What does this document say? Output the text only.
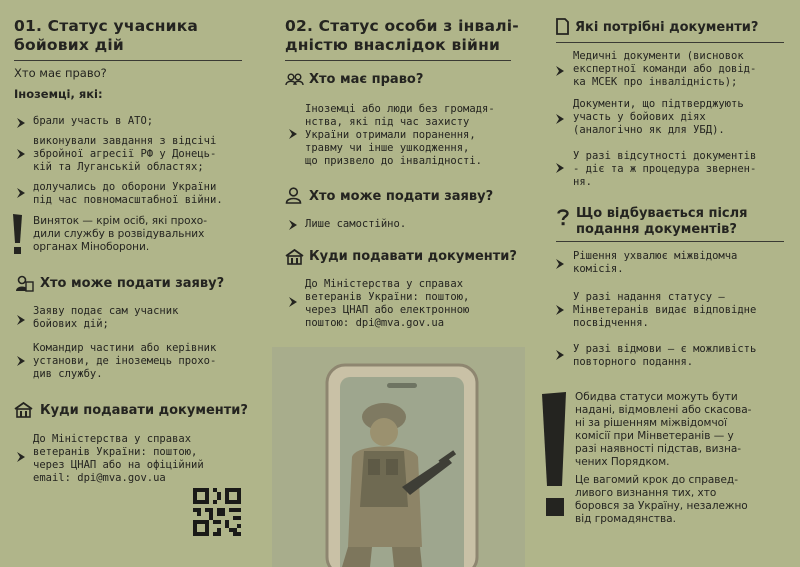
01. Статус учасника
бойових дій
Хто має право?
Іноземці, які:
брали участь в АТО;
виконували завдання з відсічі
збройної агресії РФ у Донець-
кій та Луганській областях;
долучались до оборони України
під час повномасштабної війни.
Виняток — крім осіб, які прохо-
дили службу в розвідувальних
органах Міноборони.
Хто може подати заяву?
Заяву подає сам учасник
бойових дій;
Командир частини або керівник
установи, де іноземець прохо-
див службу.
Куди подавати документи?
До Міністерства у справах
ветеранів України: поштою,
через ЦНАП або на офіційний
email: dpi@mva.gov.ua
02. Статус особи з інвалі-
дністю внаслідок війни
Хто має право?
Іноземці або люди без громадя-
нства, які під час захисту
України отримали поранення,
травму чи інше ушкодження,
що призвело до інвалідності.
Хто може подати заяву?
Лише самостійно.
Куди подавати документи?
До Міністерства у справах
ветеранів України: поштою,
через ЦНАП або електронною
поштою: dpi@mva.gov.ua
Які потрібні документи?
Медичні документи (висновок
експертної команди або довід-
ка МСЕК про інвалідність);
Документи, що підтверджують
участь у бойових діях
(аналогічно як для УБД).
У разі відсутності документів
- діє та ж процедура звернен-
ня.
Що відбувається після
подання документів?
Рішення ухвалює міжвідомча
комісія.
У разі надання статусу —
Мінветеранів видає відповідне
посвідчення.
У разі відмови — є можливість
повторного подання.
Обидва статуси можуть бути
надані, відмовлені або скасова-
ні за рішенням міжвідомчої
комісії при Мінветеранів — у
разі наявності підстав, визна-
чених Порядком.
Це вагомий крок до справед-
ливого визнання тих, хто
боровся за Україну, незалежно
від громадянства.
